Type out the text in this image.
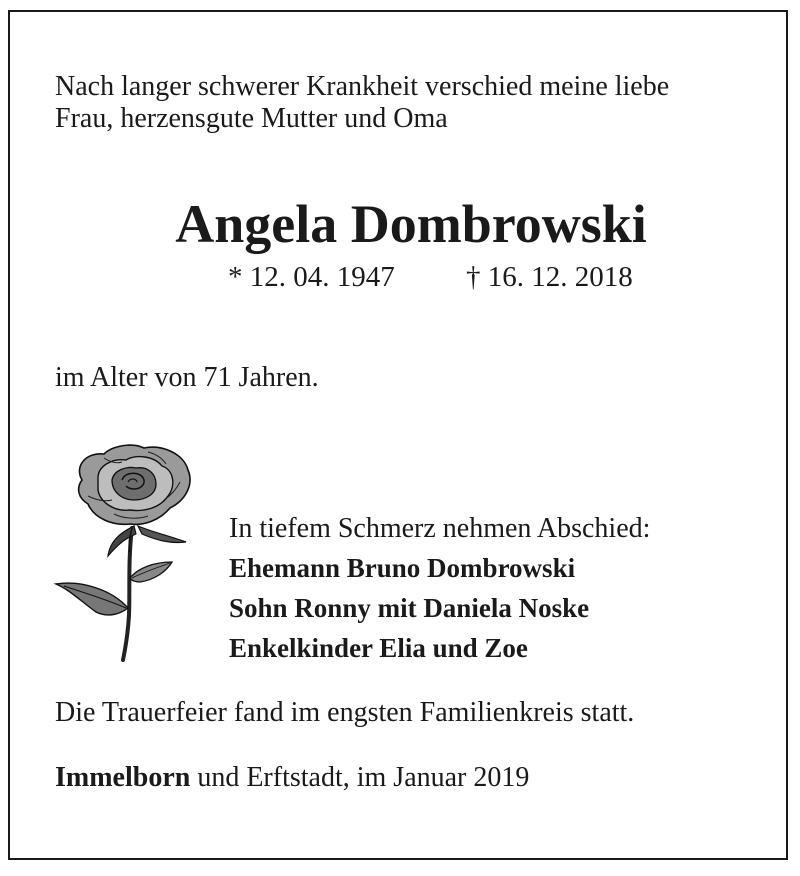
Nach langer schwerer Krankheit verschied meine liebe
Frau, herzensgute Mutter und Oma

Angela Dombrowski

* 12. 04. 1947 † 16. 12. 2018

im Alter von 71 Jahren.

In tiefem Schmerz nehmen Abschied:

Ehemann Bruno Dombrowski

Sohn Ronny mit Daniela Noske

Enkelkinder Elia und Zoe

Die Trauerfeier fand im engsten Familienkreis statt.

Immelborn und Erftstadt, im Januar 2019
